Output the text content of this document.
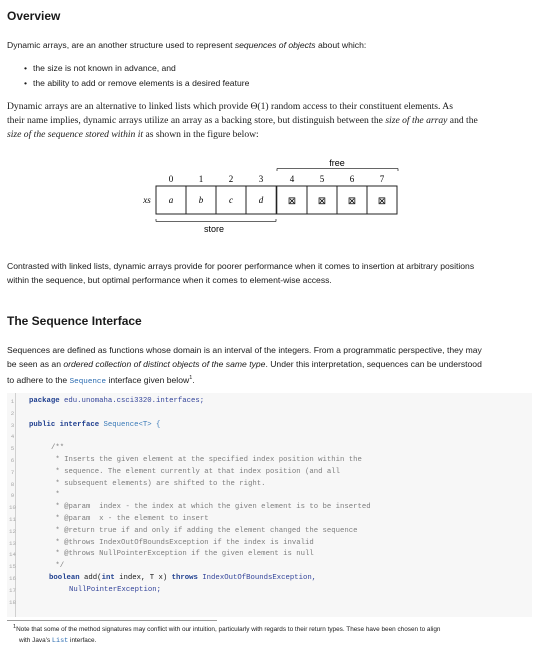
Overview
Dynamic arrays, are an another structure used to represent sequences of objects about which:
• the size is not known in advance, and
• the ability to add or remove elements is a desired feature
Dynamic arrays are an alternative to linked lists which provide Θ(1) random access to their constituent elements. As
their name implies, dynamic arrays utilize an array as a backing store, but distinguish between the size of the array and the
size of the sequence stored within it as shown in the figure below:
free
0	1	2	3	4	5	6	7
xs a	b	c	d ⊠ ⊠ ⊠ ⊠
store
Contrasted with linked lists, dynamic arrays provide for poorer performance when it comes to insertion at arbitrary positions
within the sequence, but optimal performance when it comes to element-wise access.
The Sequence Interface
Sequences are defined as functions whose domain is an interval of the integers. From a programmatic perspective, they may
be seen as an ordered collection of distinct objects of the same type. Under this interpretation, sequences can be understood
to adhere to the Sequence interface given below$^1$.
1	package edu.unomaha.csci3320.interfaces;
2
3	public interface Sequence<T> {
4
5	/**
6	* Inserts the given element at the specified index position within the
7	* sequence. The element currently at that index position (and all
8	* subsequent elements) are shifted to the right.
9	*
10	* @param  index - the index at which the given element is to be inserted
11	* @param  x - the element to insert
12	* @return true if and only if adding the element changed the sequence
13	* @throws IndexOutOfBoundsException if the index is invalid
14	* @throws NullPointerException if the given element is null
15	*/
16	boolean add(int index, T x) throws IndexOutOfBoundsException,
17	NullPointerException;
18
$^1$Note that some of the method signatures may conflict with our intuition, particularly with regards to their return types. These have been chosen to align
with Java’s List interface.
